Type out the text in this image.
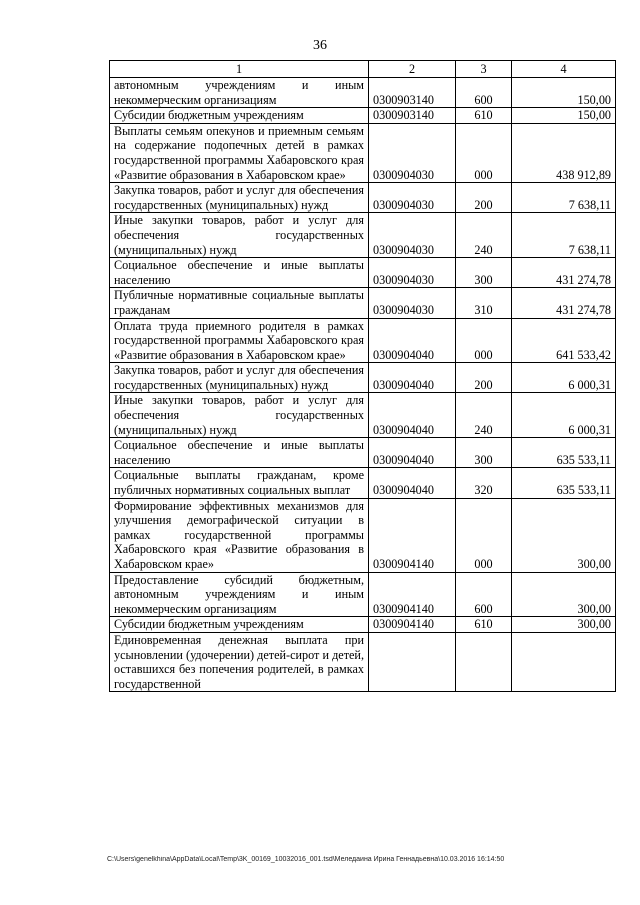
36
1	2	3	4
автономным учреждениям и иным некоммерческим организациям	0300903140	600	150,00
Субсидии бюджетным учреждениям	0300903140	610	150,00
Выплаты семьям опекунов и приемным семьям на содержание подопечных детей в рамках государственной программы Хабаровского края «Развитие образования в Хабаровском крае»	0300904030	000	438 912,89
Закупка товаров, работ и услуг для обеспечения государственных (муниципальных) нужд	0300904030	200	7 638,11
Иные закупки товаров, работ и услуг для обеспечения государственных (муниципальных) нужд	0300904030	240	7 638,11
Социальное обеспечение и иные выплаты населению	0300904030	300	431 274,78
Публичные нормативные социальные выплаты гражданам	0300904030	310	431 274,78
Оплата труда приемного родителя в рамках государственной программы Хабаровского края «Развитие образования в Хабаровском крае»	0300904040	000	641 533,42
Закупка товаров, работ и услуг для обеспечения государственных (муниципальных) нужд	0300904040	200	6 000,31
Иные закупки товаров, работ и услуг для обеспечения государственных (муниципальных) нужд	0300904040	240	6 000,31
Социальное обеспечение и иные выплаты населению	0300904040	300	635 533,11
Социальные выплаты гражданам, кроме публичных нормативных социальных выплат	0300904040	320	635 533,11
Формирование эффективных механизмов для улучшения демографической ситуации в рамках государственной программы Хабаровского края «Развитие образования в Хабаровском крае»	0300904140	000	300,00
Предоставление субсидий бюджетным, автономным учреждениям и иным некоммерческим организациям	0300904140	600	300,00
Субсидии бюджетным учреждениям	0300904140	610	300,00
Единовременная денежная выплата при усыновлении (удочерении) детей-сирот и детей, оставшихся без попечения родителей, в рамках государственной			
C:\Users\genelkhina\AppData\Local\Temp\3K_00169_10032016_001.tsd\Меледаина Ирина Геннадьевна\10.03.2016 16:14:50
